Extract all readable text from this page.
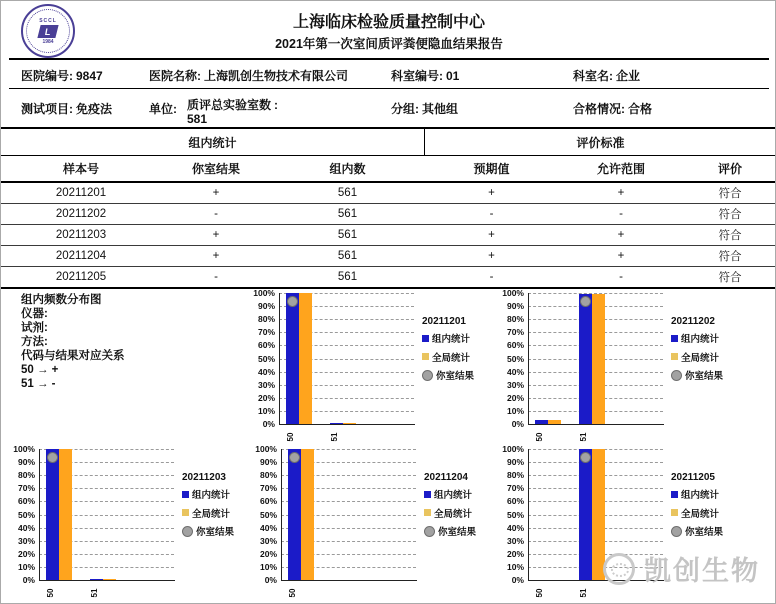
SCCL
L
1984
上海临床检验质量控制中心
2021年第一次室间质评粪便隐血结果报告
医院编号: 9847	医院名称: 上海凯创生物技术有限公司	科室编号: 01	科室名: 企业
测试项目: 免疫法	单位: 质评总实验室数 : 581
分组: 其他组	合格情况: 合格
组内统计	评价标准
样本号	你室结果	组内数	预期值	允许范围	评价
20211201	+	561	+	+	符合
20211202	-	561	-	-	符合
20211203	+	561	+	+	符合
20211204	+	561	+	+	符合
20211205	-	561	-	-	符合
组内频数分布图
仪器:
试剂:
方法:
代码与结果对应关系
50 → +
51 → -
0%
10%
20%
30%
40%
50%
60%
70%
80%
90%
100%
50	51
20211201
组内统计
全局统计
你室结果
0%
10%
20%
30%
40%
50%
60%
70%
80%
90%
100%
50	51
20211202
组内统计
全局统计
你室结果
0%
10%
20%
30%
40%
50%
60%
70%
80%
90%
100%
50	51
20211203
组内统计
全局统计
你室结果
0%
10%
20%
30%
40%
50%
60%
70%
80%
90%
100%
50
20211204
组内统计
全局统计
你室结果
0%
10%
20%
30%
40%
50%
60%
70%
80%
90%
100%
50	51
20211205
组内统计
全局统计
你室结果
凯创生物
